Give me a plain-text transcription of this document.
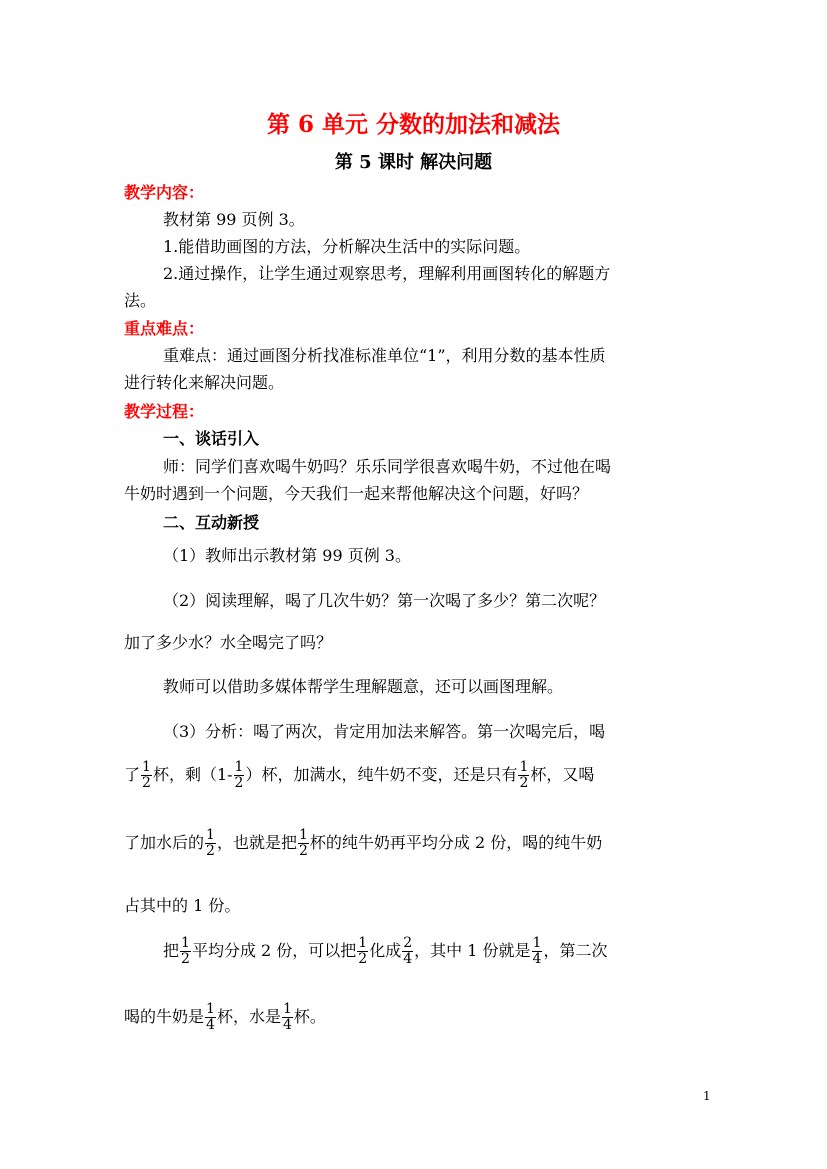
第 6 单元 分数的加法和减法
第 5 课时 解决问题
教学内容：
教材第 99 页例 3。
1.能借助画图的方法，分析解决生活中的实际问题。
2.通过操作，让学生通过观察思考，理解利用画图转化的解题方
法。
重点难点：
重难点：通过画图分析找准标准单位“1”，利用分数的基本性质
进行转化来解决问题。
教学过程：
一、谈话引入
师：同学们喜欢喝牛奶吗？乐乐同学很喜欢喝牛奶，不过他在喝
牛奶时遇到一个问题，今天我们一起来帮他解决这个问题，好吗？
二、互动新授
（1）教师出示教材第 99 页例 3。
（2）阅读理解，喝了几次牛奶？第一次喝了多少？第二次呢？
加了多少水？水全喝完了吗？
教师可以借助多媒体帮学生理解题意，还可以画图理解。
（3）分析：喝了两次，肯定用加法来解答。第一次喝完后，喝
了 $\frac{1}{2}$ 杯，剩（$1- \frac{1}{2}$ ）杯，加满水，纯牛奶不变，还是只有 $\frac{1}{2}$ 杯，又喝
了加水后的 $\frac{1}{2}$ ，也就是把 $\frac{1}{2}$ 杯的纯牛奶再平均分成 2 份，喝的纯牛奶
占其中的 1 份。
把 $\frac{1}{2}$ 平均分成 2 份，可以把 $\frac{1}{2}$ 化成 $\frac{2}{4}$ ，其中 1 份就是 $\frac{1}{4}$ ，第二次
喝的牛奶是 $\frac{1}{4}$ 杯，水是 $\frac{1}{4}$ 杯。
1
